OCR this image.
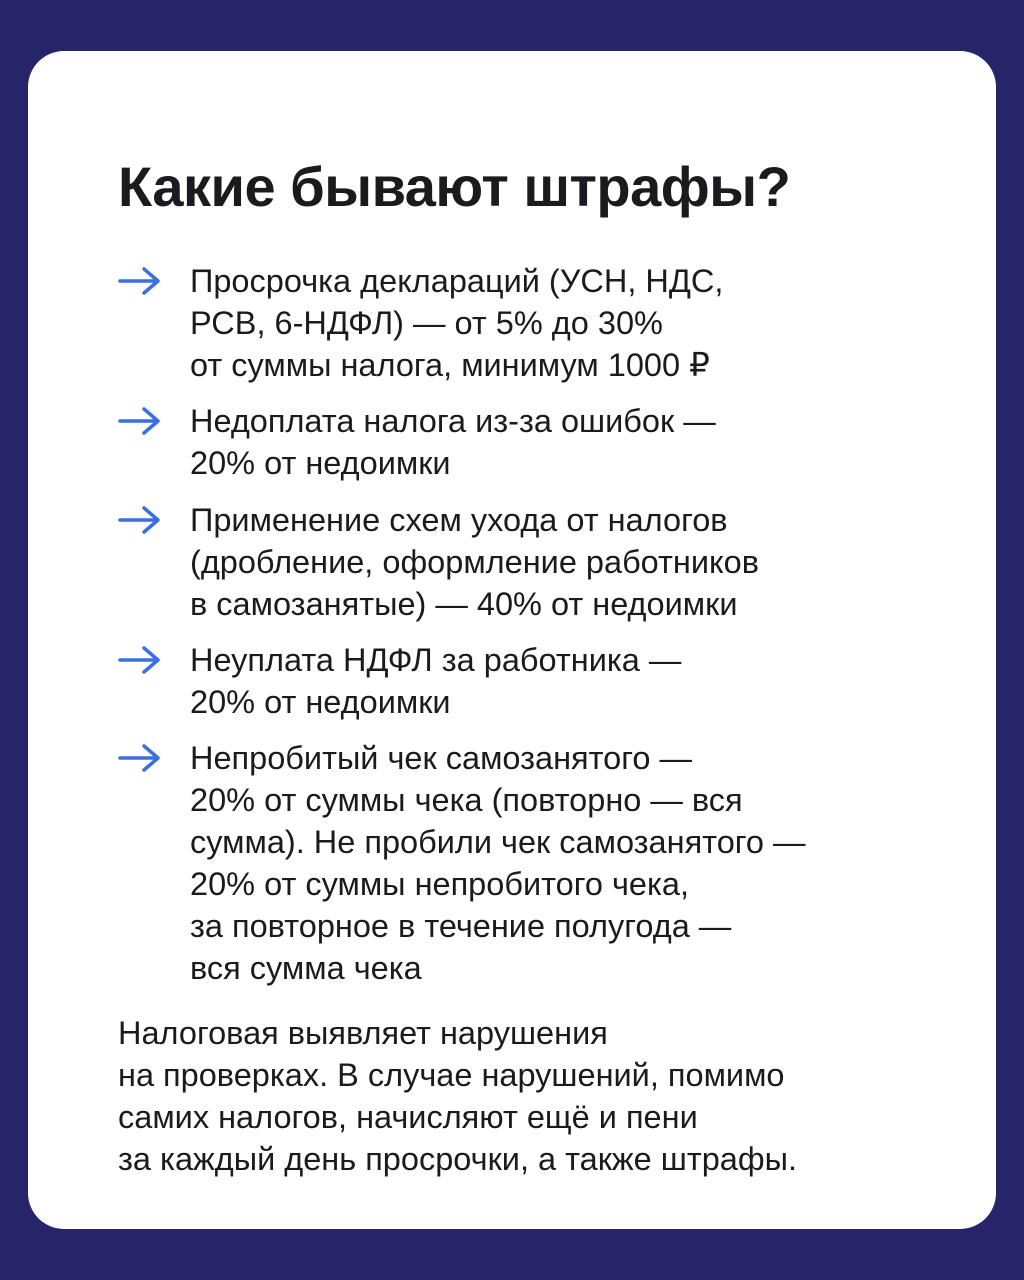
Какие бывают штрафы?
Просрочка деклараций (УСН, НДС,
РСВ, 6-НДФЛ) — от 5% до 30%
от суммы налога, минимум 1000 ₽
Недоплата налога из-за ошибок —
20% от недоимки
Применение схем ухода от налогов
(дробление, оформление работников
в самозанятые) — 40% от недоимки
Неуплата НДФЛ за работника —
20% от недоимки
Непробитый чек самозанятого —
20% от суммы чека (повторно — вся
сумма). Не пробили чек самозанятого —
20% от суммы непробитого чека,
за повторное в течение полугода —
вся сумма чека
Налоговая выявляет нарушения
на проверках. В случае нарушений, помимо
самих налогов, начисляют ещё и пени
за каждый день просрочки, а также штрафы.
